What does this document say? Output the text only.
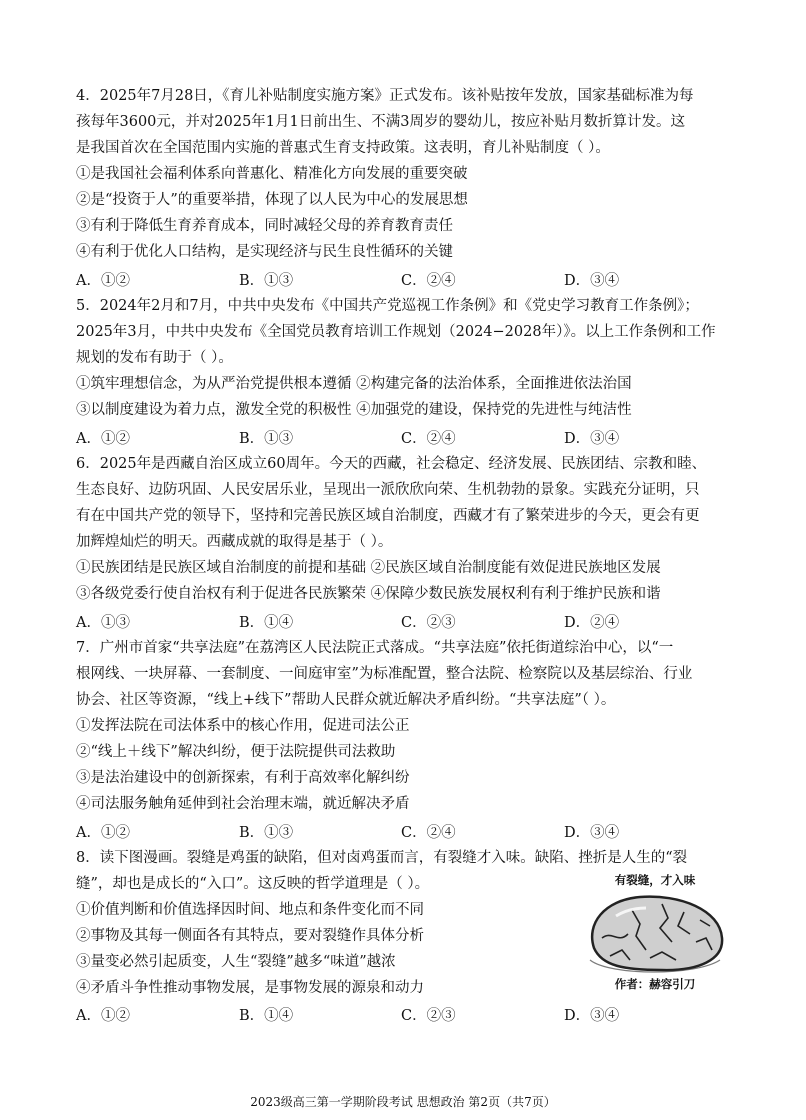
4．2025年7月28日，《育儿补贴制度实施方案》正式发布。该补贴按年发放，国家基础标准为每
孩每年3600元，并对2025年1月1日前出生、不满3周岁的婴幼儿，按应补贴月数折算计发。这
是我国首次在全国范围内实施的普惠式生育支持政策。这表明，育儿补贴制度（ ）。
①是我国社会福利体系向普惠化、精准化方向发展的重要突破
②是“投资于人”的重要举措，体现了以人民为中心的发展思想
③有利于降低生育养育成本，同时减轻父母的养育教育责任
④有利于优化人口结构，是实现经济与民生良性循环的关键
A．①②	B．①③	C．②④	D．③④
5．2024年2月和7月，中共中央发布《中国共产党巡视工作条例》和《党史学习教育工作条例》；
2025年3月，中共中央发布《全国党员教育培训工作规划（2024−2028年）》。以上工作条例和工作
规划的发布有助于（ ）。
①筑牢理想信念，为从严治党提供根本遵循 ②构建完备的法治体系，全面推进依法治国
③以制度建设为着力点，激发全党的积极性 ④加强党的建设，保持党的先进性与纯洁性
A．①②	B．①③	C．②④	D．③④
6．2025年是西藏自治区成立60周年。今天的西藏，社会稳定、经济发展、民族团结、宗教和睦、
生态良好、边防巩固、人民安居乐业，呈现出一派欣欣向荣、生机勃勃的景象。实践充分证明，只
有在中国共产党的领导下，坚持和完善民族区域自治制度，西藏才有了繁荣进步的今天，更会有更
加辉煌灿烂的明天。西藏成就的取得是基于（ ）。
①民族团结是民族区域自治制度的前提和基础 ②民族区域自治制度能有效促进民族地区发展
③各级党委行使自治权有利于促进各民族繁荣 ④保障少数民族发展权利有利于维护民族和谐
A．①③	B．①④	C．②③	D．②④
7．广州市首家“共享法庭”在荔湾区人民法院正式落成。“共享法庭”依托街道综治中心，以“一
根网线、一块屏幕、一套制度、一间庭审室”为标准配置，整合法院、检察院以及基层综治、行业
协会、社区等资源，“线上+线下”帮助人民群众就近解决矛盾纠纷。“共享法庭”（ ）。
①发挥法院在司法体系中的核心作用，促进司法公正
②“线上＋线下”解决纠纷，便于法院提供司法救助
③是法治建设中的创新探索，有利于高效率化解纠纷
④司法服务触角延伸到社会治理末端，就近解决矛盾
A．①②	B．①③	C．②④	D．③④
8．读下图漫画。裂缝是鸡蛋的缺陷，但对卤鸡蛋而言，有裂缝才入味。缺陷、挫折是人生的“裂
缝”，却也是成长的“入口”。这反映的哲学道理是（ ）。
①价值判断和价值选择因时间、地点和条件变化而不同
②事物及其每一侧面各有其特点，要对裂缝作具体分析
③量变必然引起质变，人生“裂缝”越多“味道”越浓
④矛盾斗争性推动事物发展，是事物发展的源泉和动力
A．①②	B．①④	C．②③	D．③④
有裂缝，才入味
作者：赫容引刀
2023级高三第一学期阶段考试 思想政治 第2页（共7页）
